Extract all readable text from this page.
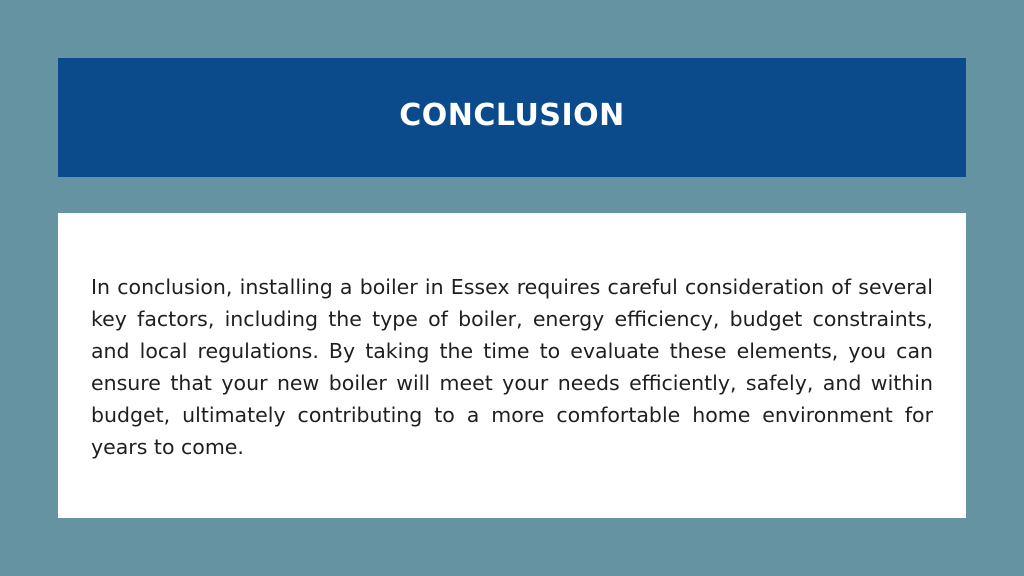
CONCLUSION

In conclusion, installing a boiler in Essex requires careful consideration of several key factors, including the type of boiler, energy efficiency, budget constraints, and local regulations. By taking the time to evaluate these elements, you can ensure that your new boiler will meet your needs efficiently, safely, and within budget, ultimately contributing to a more comfortable home environment for years to come.
